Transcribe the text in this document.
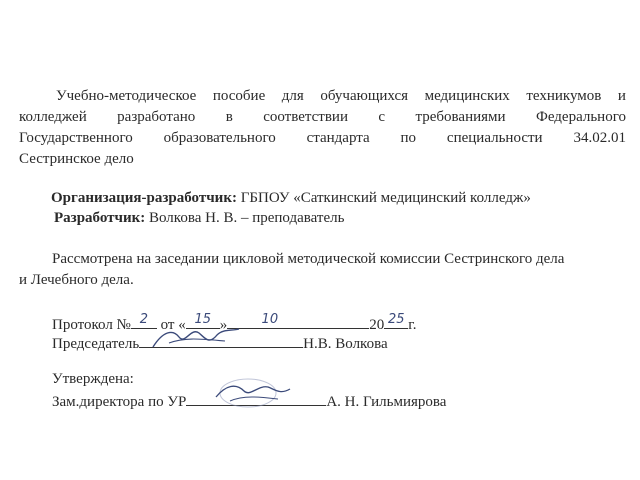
Учебно-методическое пособие для обучающихся медицинских техникумов и
колледжей разработано в соответствии с требованиями Федерального
Государственного образовательного стандарта по специальности 34.02.01
Сестринское дело
Организация-разработчик: ГБПОУ «Саткинский медицинский колледж»
Разработчик: Волкова Н. В. – преподаватель
Рассмотрена на заседании цикловой методической комиссии Сестринского дела
и Лечебного дела.
Протокол № 2 от « 15 »	10	20 25 г.
Председатель	Н.В. Волкова
Утверждена:
Зам.директора по УР	А. Н. Гильмиярова
